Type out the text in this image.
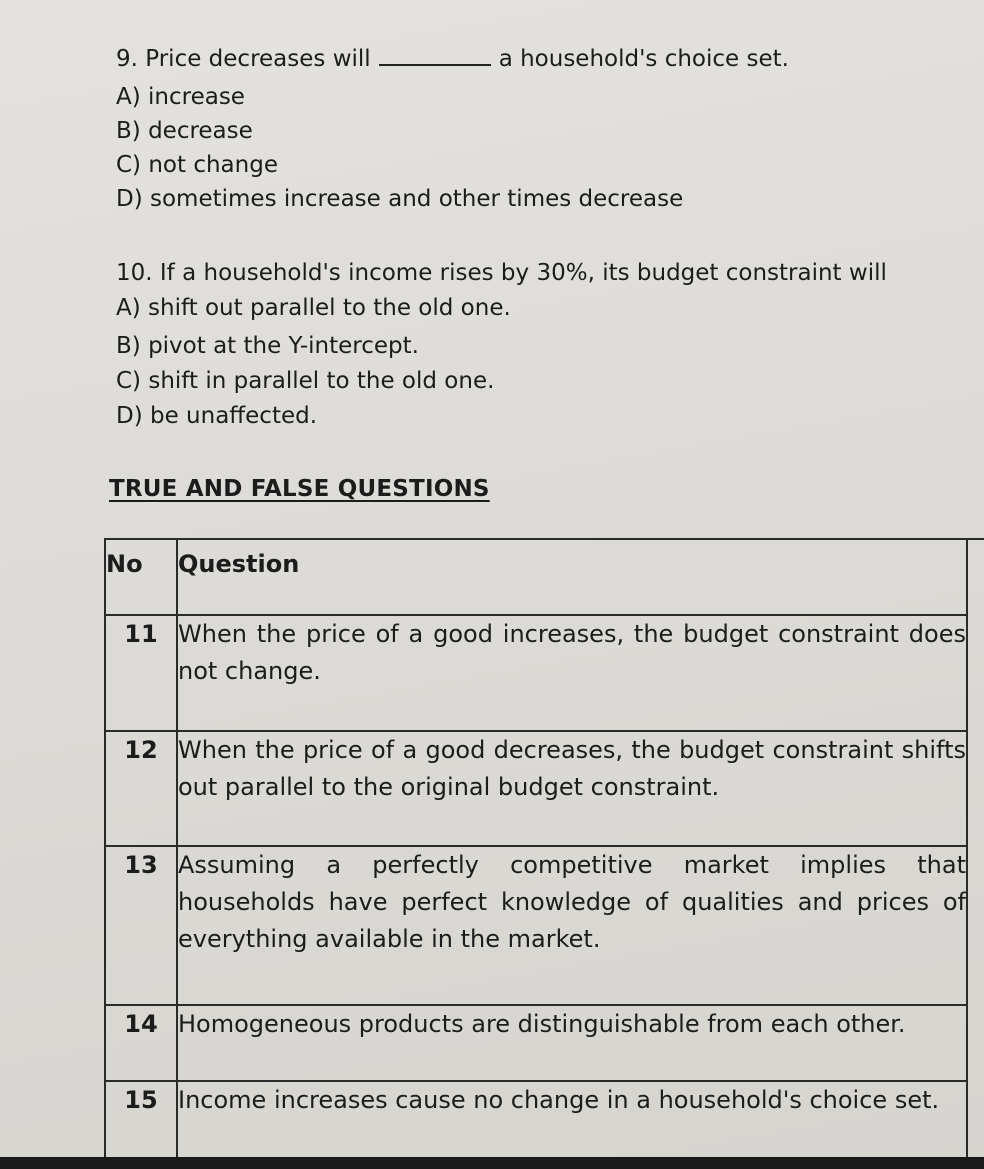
9. Price decreases will	a household's choice set.
A) increase
B) decrease
C) not change
D) sometimes increase and other times decrease
10. If a household's income rises by 30%, its budget constraint will
A) shift out parallel to the old one.
B) pivot at the Y-intercept.
C) shift in parallel to the old one.
D) be unaffected.
TRUE AND FALSE QUESTIONS
No	Question
11	When the price of a good increases, the budget constraint does not change.
12	When the price of a good decreases, the budget constraint shifts out parallel to the original budget constraint.
13	Assuming a perfectly competitive market implies that households have perfect knowledge of qualities and prices of everything available in the market.
14	Homogeneous products are distinguishable from each other.
15	Income increases cause no change in a household's choice set.
